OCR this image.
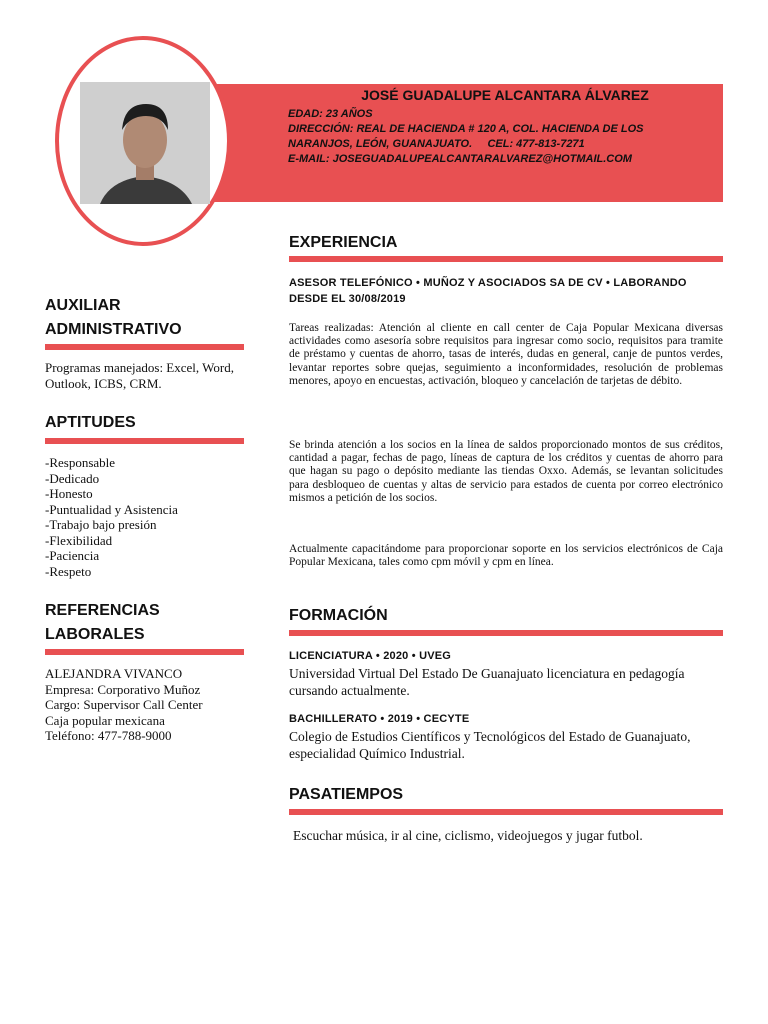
JOSÉ GUADALUPE ALCANTARA ÁLVAREZ
EDAD: 23 AÑOS
DIRECCIÓN: REAL DE HACIENDA # 120 A, COL. HACIENDA DE LOS
NARANJOS, LEÓN, GUANAJUATO.     CEL: 477-813-7271
E-MAIL: JOSEGUADALUPEALCANTARALVAREZ@HOTMAIL.COM
AUXILIAR
ADMINISTRATIVO
Programas manejados: Excel, Word, Outlook, ICBS, CRM.
APTITUDES
-Responsable
-Dedicado
-Honesto
-Puntualidad y Asistencia
-Trabajo bajo presión
-Flexibilidad
-Paciencia
-Respeto
REFERENCIAS
LABORALES
ALEJANDRA VIVANCO
Empresa: Corporativo Muñoz
Cargo: Supervisor Call Center
Caja popular mexicana
Teléfono: 477-788-9000
EXPERIENCIA
ASESOR TELEFÓNICO • MUÑOZ Y ASOCIADOS SA DE CV • LABORANDO
DESDE EL 30/08/2019
Tareas realizadas: Atención al cliente en call center de Caja Popular Mexicana diversas actividades como asesoría sobre requisitos para ingresar como socio, requisitos para tramite de préstamo y cuentas de ahorro, tasas de interés, dudas en general, canje de puntos verdes, levantar reportes sobre quejas, seguimiento a inconformidades, resolución de problemas menores, apoyo en encuestas, activación, bloqueo y cancelación de tarjetas de débito.
Se brinda atención a los socios en la línea de saldos proporcionado montos de sus créditos, cantidad a pagar, fechas de pago, líneas de captura de los créditos y cuentas de ahorro para que hagan su pago o depósito mediante las tiendas Oxxo. Además, se levantan solicitudes para desbloqueo de cuentas y altas de servicio para estados de cuenta por correo electrónico mismos a petición de los socios.
Actualmente capacitándome para proporcionar soporte en los servicios electrónicos de Caja Popular Mexicana, tales como cpm móvil y cpm en línea.
FORMACIÓN
LICENCIATURA • 2020 • UVEG
Universidad Virtual Del Estado De Guanajuato licenciatura en pedagogía cursando actualmente.
BACHILLERATO • 2019 • CECYTE
Colegio de Estudios Científicos y Tecnológicos del Estado de Guanajuato, especialidad Químico Industrial.
PASATIEMPOS
Escuchar música, ir al cine, ciclismo, videojuegos y jugar futbol.
